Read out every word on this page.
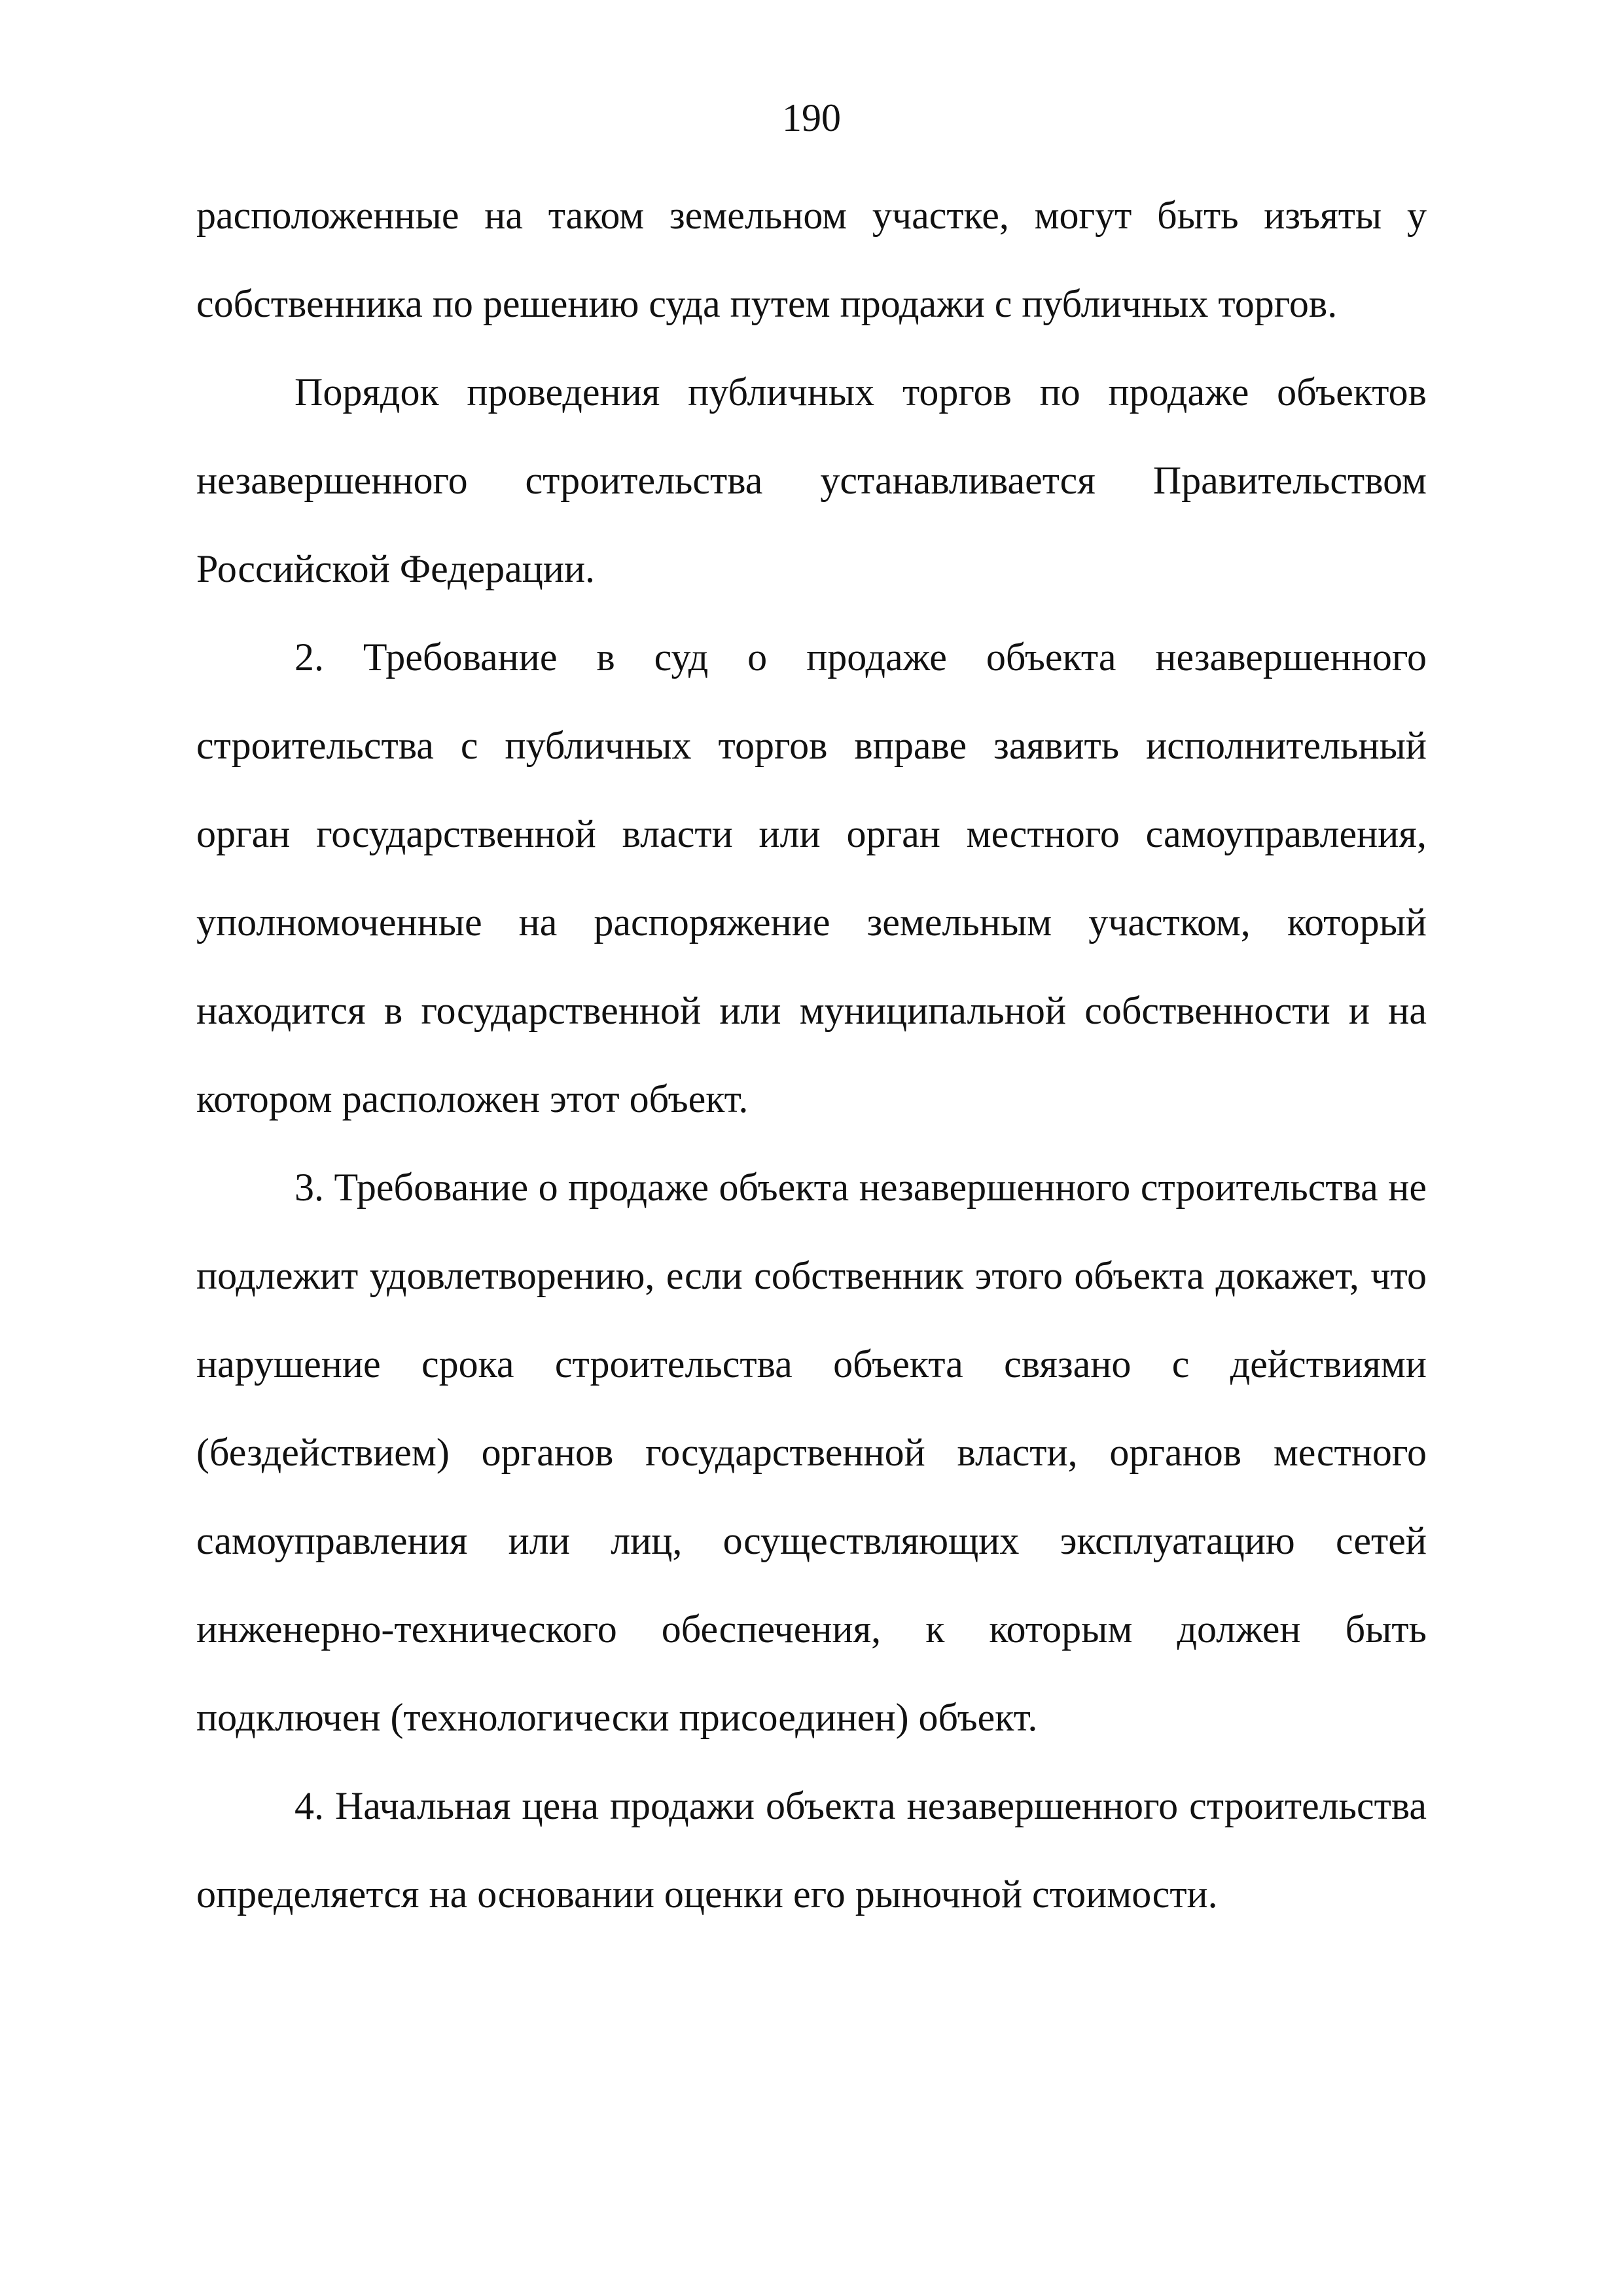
190

расположенные на таком земельном участке, могут быть изъяты у собственника по решению суда путем продажи с публичных торгов.

Порядок проведения публичных торгов по продаже объектов незавершенного строительства устанавливается Правительством Российской Федерации.

2. Требование в суд о продаже объекта незавершенного строительства с публичных торгов вправе заявить исполнительный орган государственной власти или орган местного самоуправления, уполномоченные на распоряжение земельным участком, который находится в государственной или муниципальной собственности и на котором расположен этот объект.

3. Требование о продаже объекта незавершенного строительства не подлежит удовлетворению, если собственник этого объекта докажет, что нарушение срока строительства объекта связано с действиями (бездействием) органов государственной власти, органов местного самоуправления или лиц, осуществляющих эксплуатацию сетей инженерно-технического обеспечения, к которым должен быть подключен (технологически присоединен) объект.

4. Начальная цена продажи объекта незавершенного строительства определяется на основании оценки его рыночной стоимости.
